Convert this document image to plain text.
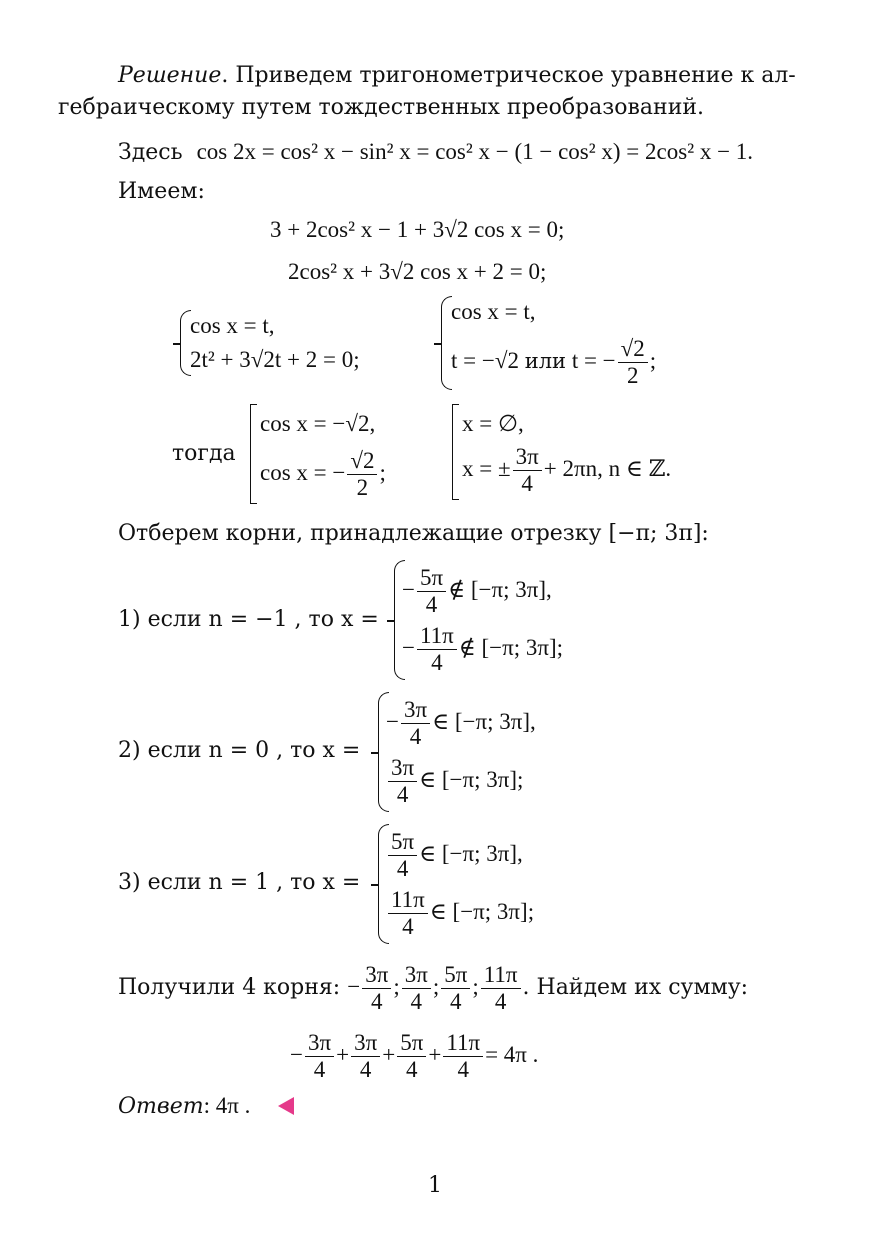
Решение. Приведем тригонометрическое уравнение к ал-
гебраическому путем тождественных преобразований.
Здесь cos 2x = cos² x − sin² x = cos² x − (1 − cos² x) = 2cos² x − 1.
Имеем:
3 + 2cos² x − 1 + 3√2 cos x = 0;
2cos² x + 3√2 cos x + 2 = 0;
cos x = t,
2t² + 3√2t + 2 = 0;
cos x = t,
t = −√2 или t = − $\frac{√2}{2}$ ;
тогда
cos x = −√2,
cos x = − $\frac{√2}{2}$ ;
x = ∅,
x = ± $\frac{3\pi}{4} + 2\pi n$, n ∈ ℤ.
Отберем корни, принадлежащие отрезку [−π; 3π]:
1) если n = −1 , то x =
− $\frac{5\pi}{4}$ ∉ [−π; 3π],
− $\frac{11\pi}{4}$ ∉ [−π; 3π];
2) если n = 0 , то x =
− $\frac{3\pi}{4}$ ∈ [−π; 3π],
$\frac{3\pi}{4}$ ∈ [−π; 3π];
3) если n = 1 , то x =
$\frac{5\pi}{4}$ ∈ [−π; 3π],
$\frac{11\pi}{4}$ ∈ [−π; 3π];
Получили 4 корня: − $\frac{3\pi}{4}$ ; $\frac{3\pi}{4}$ ; $\frac{5\pi}{4}$ ; $\frac{11\pi}{4}$ . Найдем их сумму:
− $\frac{3\pi}{4} + \frac{3\pi}{4} + \frac{5\pi}{4} + \frac{11\pi}{4} = 4\pi$ .
Ответ: 4π .
1
